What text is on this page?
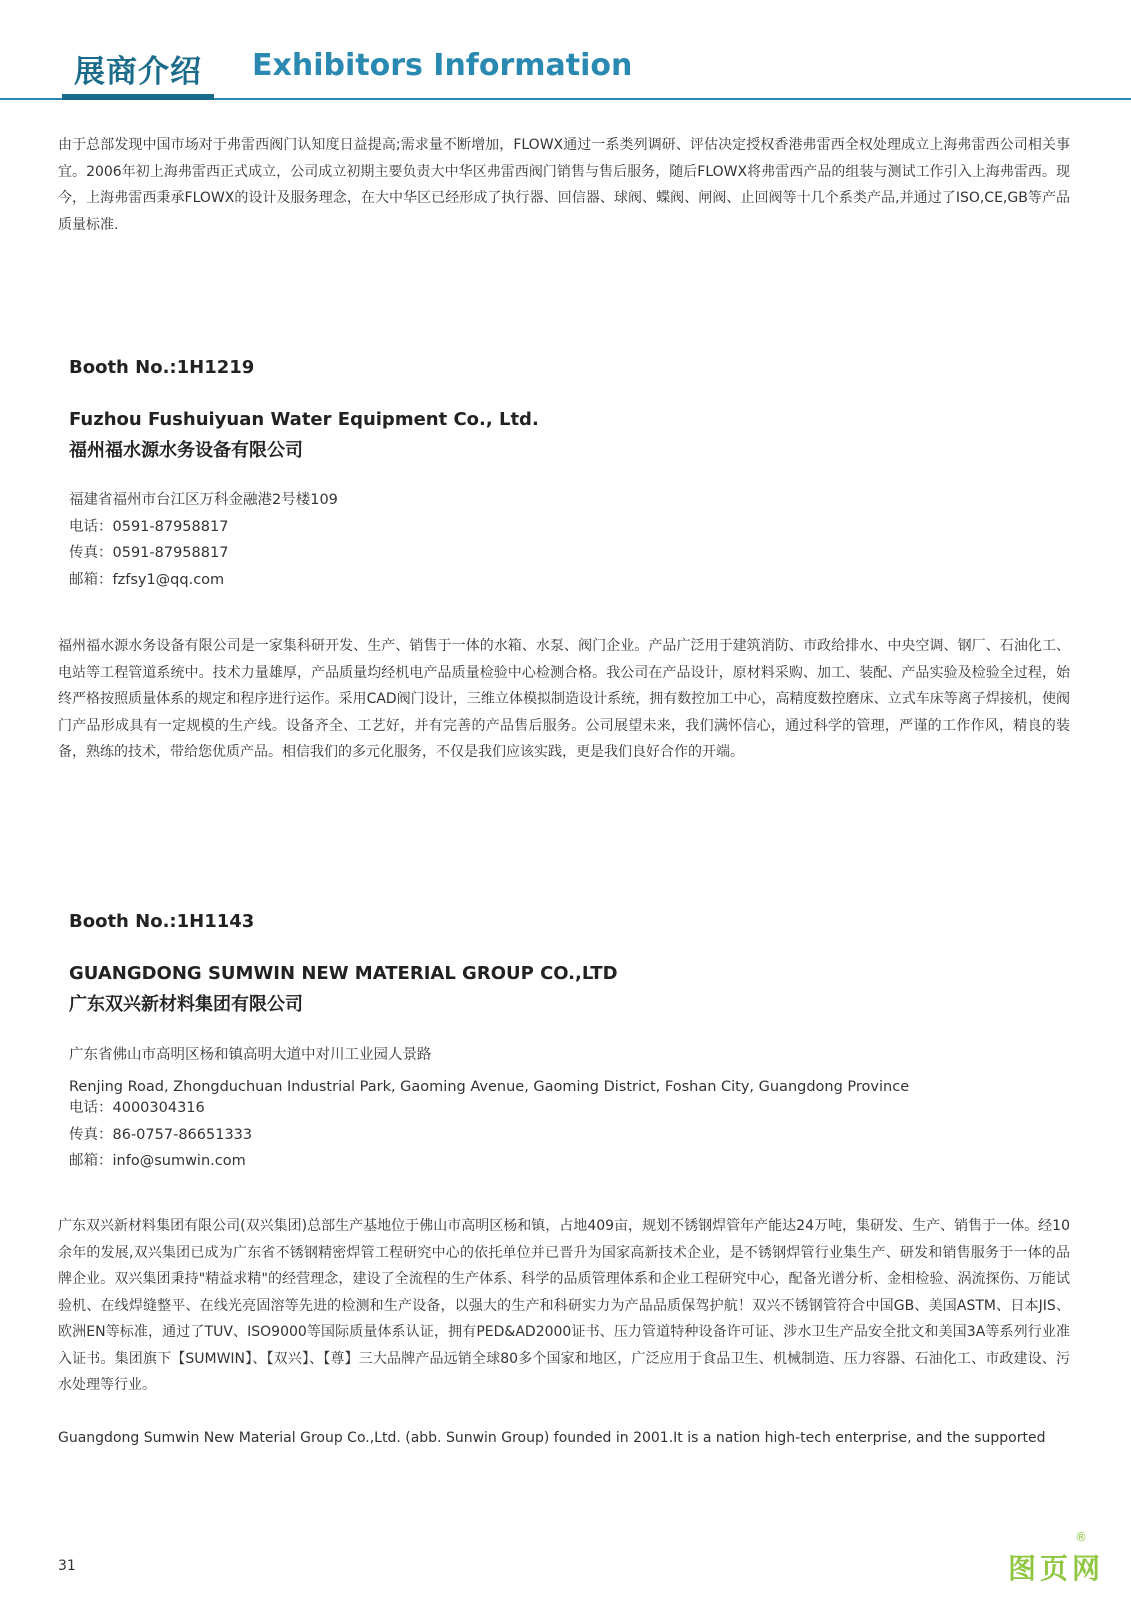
展商介绍 Exhibitors Information
由于总部发现中国市场对于弗雷西阀门认知度日益提高;需求量不断增加，FLOWX通过一系类列调研、评估决定授权香港弗雷西全权处理成立上海弗雷西公司相关事宜。2006年初上海弗雷西正式成立，公司成立初期主要负责大中华区弗雷西阀门销售与售后服务，随后FLOWX将弗雷西产品的组装与测试工作引入上海弗雷西。现今，上海弗雷西秉承FLOWX的设计及服务理念，在大中华区已经形成了执行器、回信器、球阀、蝶阀、闸阀、止回阀等十几个系类产品,并通过了ISO,CE,GB等产品质量标准.
Booth No.:1H1219
Fuzhou Fushuiyuan Water Equipment Co., Ltd.
福州福水源水务设备有限公司
福建省福州市台江区万科金融港2号楼109
电话：0591-87958817
传真：0591-87958817
邮箱：fzfsy1@qq.com
福州福水源水务设备有限公司是一家集科研开发、生产、销售于一体的水箱、水泵、阀门企业。产品广泛用于建筑消防、市政给排水、中央空调、钢厂、石油化工、电站等工程管道系统中。技术力量雄厚，产品质量均经机电产品质量检验中心检测合格。我公司在产品设计，原材料采购、加工、装配、产品实验及检验全过程，始终严格按照质量体系的规定和程序进行运作。采用CAD阀门设计，三维立体模拟制造设计系统，拥有数控加工中心，高精度数控磨床、立式车床等离子焊接机，使阀门产品形成具有一定规模的生产线。设备齐全、工艺好，并有完善的产品售后服务。公司展望未来，我们满怀信心，通过科学的管理，严谨的工作作风，精良的装备，熟练的技术，带给您优质产品。相信我们的多元化服务，不仅是我们应该实践，更是我们良好合作的开端。
Booth No.:1H1143
GUANGDONG SUMWIN NEW MATERIAL GROUP CO.,LTD
广东双兴新材料集团有限公司
广东省佛山市高明区杨和镇高明大道中对川工业园人景路
Renjing Road, Zhongduchuan Industrial Park, Gaoming Avenue, Gaoming District, Foshan City, Guangdong Province
电话：4000304316
传真：86-0757-86651333
邮箱：info@sumwin.com
广东双兴新材料集团有限公司(双兴集团)总部生产基地位于佛山市高明区杨和镇，占地409亩，规划不锈钢焊管年产能达24万吨，集研发、生产、销售于一体。经10余年的发展,双兴集团已成为广东省不锈钢精密焊管工程研究中心的依托单位并已晋升为国家高新技术企业，是不锈钢焊管行业集生产、研发和销售服务于一体的品牌企业。双兴集团秉持"精益求精"的经营理念，建设了全流程的生产体系、科学的品质管理体系和企业工程研究中心，配备光谱分析、金相检验、涡流探伤、万能试验机、在线焊缝整平、在线光亮固溶等先进的检测和生产设备，以强大的生产和科研实力为产品品质保驾护航！双兴不锈钢管符合中国GB、美国ASTM、日本JIS、欧洲EN等标准，通过了TUV、ISO9000等国际质量体系认证，拥有PED&AD2000证书、压力管道特种设备许可证、涉水卫生产品安全批文和美国3A等系列行业准入证书。集团旗下【SUMWIN】、【双兴】、【尊】三大品牌产品远销全球80多个国家和地区，广泛应用于食品卫生、机械制造、压力容器、石油化工、市政建设、污水处理等行业。
Guangdong Sumwin New Material Group Co.,Ltd. (abb. Sunwin Group) founded in 2001.It is a nation high-tech enterprise, and the supported
31	图页网
®
